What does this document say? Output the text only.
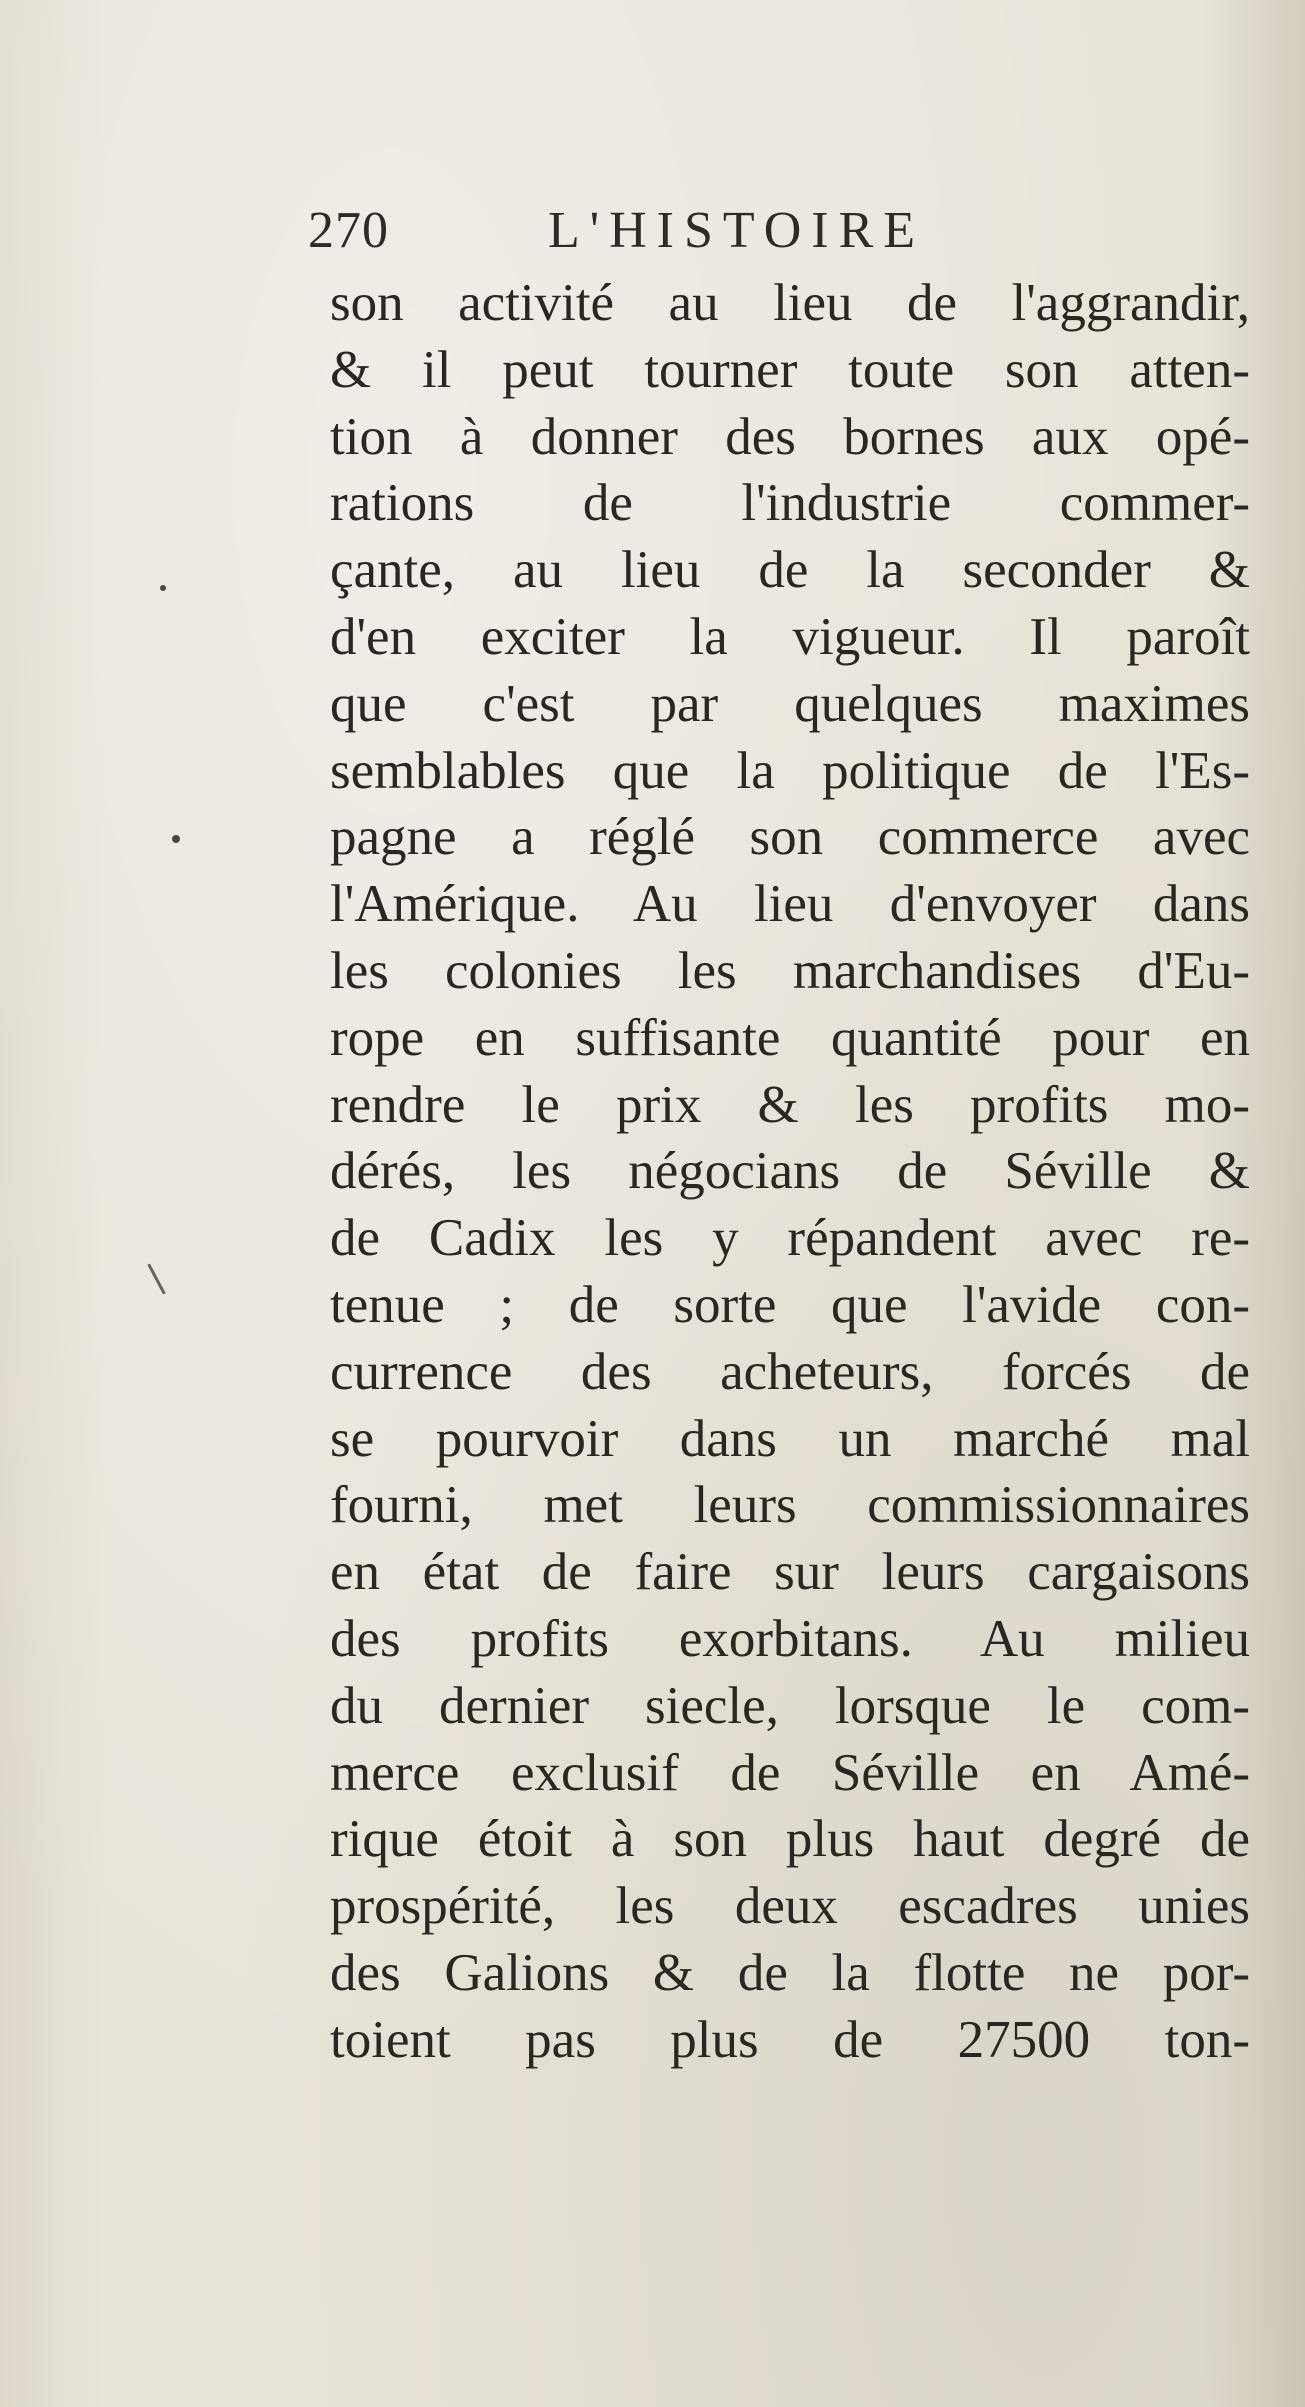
270	L'HISTOIRE
son activité au lieu de l'aggrandir,
& il peut tourner toute son atten-
tion à donner des bornes aux opé-
rations de l'industrie commer-
çante, au lieu de la seconder &
d'en exciter la vigueur. Il paroît
que c'est par quelques maximes
semblables que la politique de l'Es-
pagne a réglé son commerce avec
l'Amérique. Au lieu d'envoyer dans
les colonies les marchandises d'Eu-
rope en suffisante quantité pour en
rendre le prix & les profits mo-
dérés, les négocians de Séville &
de Cadix les y répandent avec re-
tenue ; de sorte que l'avide con-
currence des acheteurs, forcés de
se pourvoir dans un marché mal
fourni, met leurs commissionnaires
en état de faire sur leurs cargaisons
des profits exorbitans. Au milieu
du dernier siecle, lorsque le com-
merce exclusif de Séville en Amé-
rique étoit à son plus haut degré de
prospérité, les deux escadres unies
des Galions & de la flotte ne por-
toient pas plus de 27500 ton-
